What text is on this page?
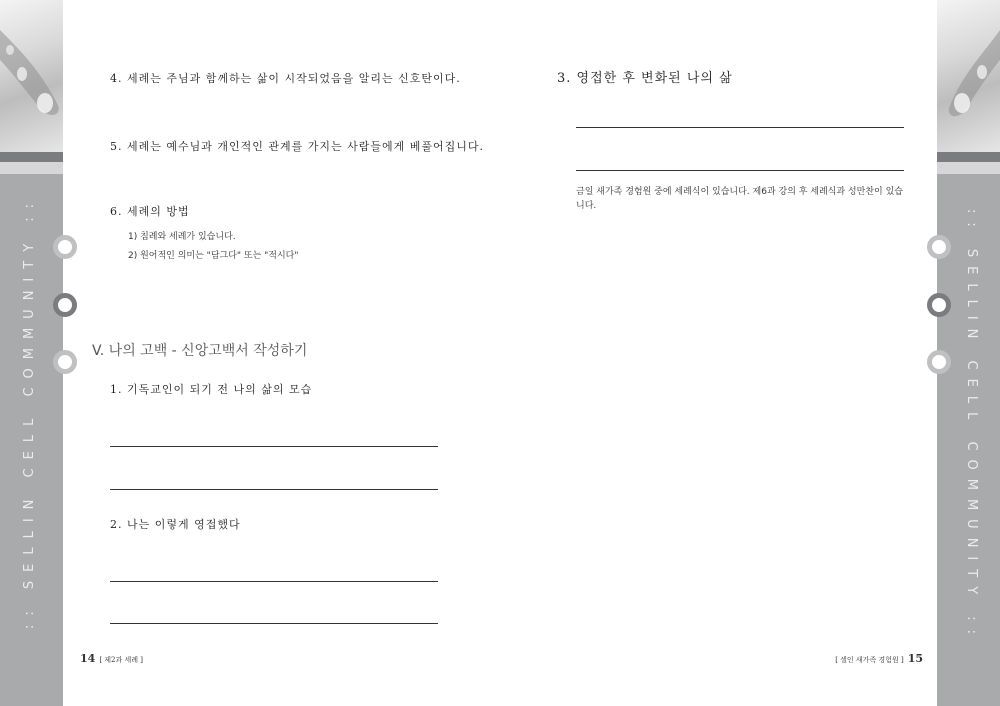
:: SELLIN CELL COMMUNITY ::	:: SELLIN CELL COMMUNITY ::
4. 세례는 주님과 함께하는 삶이 시작되었음을 알리는 신호탄이다.
5. 세례는 예수님과 개인적인 관계를 가지는 사람들에게 베풀어집니다.
6. 세례의 방법
1) 침례와 세례가 있습니다.
2) 원어적인 의미는 "담그다" 또는 "적시다"
V. 나의 고백 - 신앙고백서 작성하기
1. 기독교인이 되기 전 나의 삶의 모습
2. 나는 이렇게 영접했다
14 [ 제2과 세례 ]
3. 영접한 후 변화된 나의 삶
금일 새가족 경험원 중에 세례식이 있습니다. 제6과 강의 후 세례식과 성만찬이 있습니다.
[ 셀인 새가족 경험원 ] 15
